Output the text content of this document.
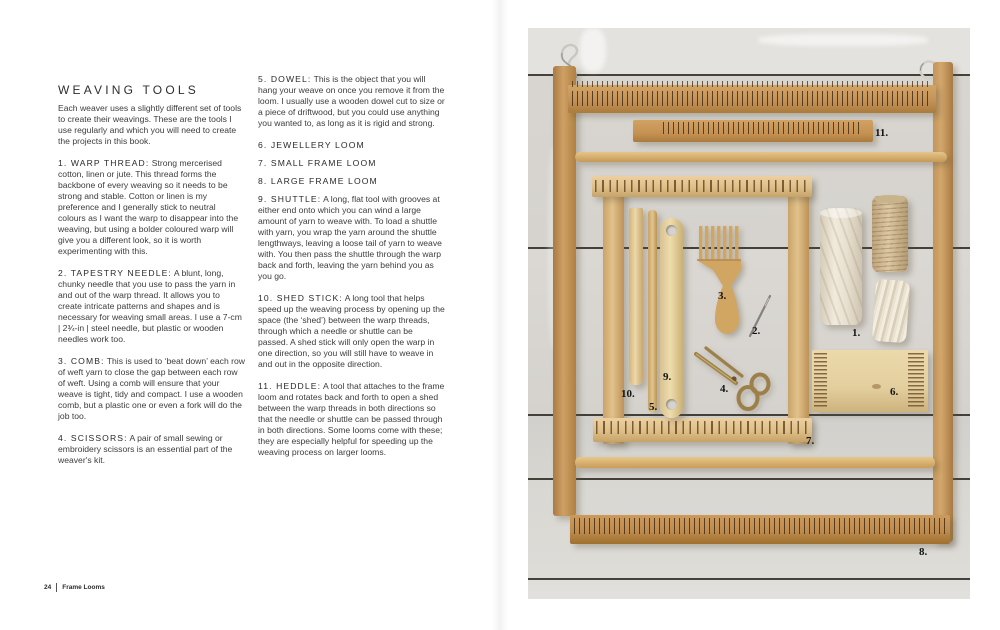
WEAVING TOOLS

Each weaver uses a slightly different set of tools to create their weavings. These are the tools I use regularly and which you will need to create the projects in this book.

1. WARP THREAD: Strong mercerised cotton, linen or jute. This thread forms the backbone of every weaving so it needs to be strong and stable. Cotton or linen is my preference and I generally stick to neutral colours as I want the warp to disappear into the weaving, but using a bolder coloured warp will give you a different look, so it is worth experimenting with this.

2. TAPESTRY NEEDLE: A blunt, long, chunky needle that you use to pass the yarn in and out of the warp thread. It allows you to create intricate patterns and shapes and is necessary for weaving small areas. I use a 7-cm | 2¾-in | steel needle, but plastic or wooden needles work too.

3. COMB: This is used to ‘beat down’ each row of weft yarn to close the gap between each row of weft. Using a comb will ensure that your weave is tight, tidy and compact. I use a wooden comb, but a plastic one or even a fork will do the job too.

4. SCISSORS: A pair of small sewing or embroidery scissors is an essential part of the weaver's kit.

5. DOWEL: This is the object that you will hang your weave on once you remove it from the loom. I usually use a wooden dowel cut to size or a piece of driftwood, but you could use anything you wanted to, as long as it is rigid and strong.

6. JEWELLERY LOOM

7. SMALL FRAME LOOM

8. LARGE FRAME LOOM

9. SHUTTLE: A long, flat tool with grooves at either end onto which you can wind a large amount of yarn to weave with. To load a shuttle with yarn, you wrap the yarn around the shuttle lengthways, leaving a loose tail of yarn to weave with. You then pass the shuttle through the warp back and forth, leaving the yarn behind you as you go.

10. SHED STICK: A long tool that helps speed up the weaving process by opening up the space (the ‘shed’) between the warp threads, through which a needle or shuttle can be passed. A shed stick will only open the warp in one direction, so you will still have to weave in and out in the opposite direction.

11. HEDDLE: A tool that attaches to the frame loom and rotates back and forth to open a shed between the warp threads in both directions so that the needle or shuttle can be passed through in both directions. Some looms come with these; they are especially helpful for speeding up the weaving process on larger looms.

24 Frame Looms
1.
2.
3.
4.
5.
6.
7.
8.
9.
10.
11.
